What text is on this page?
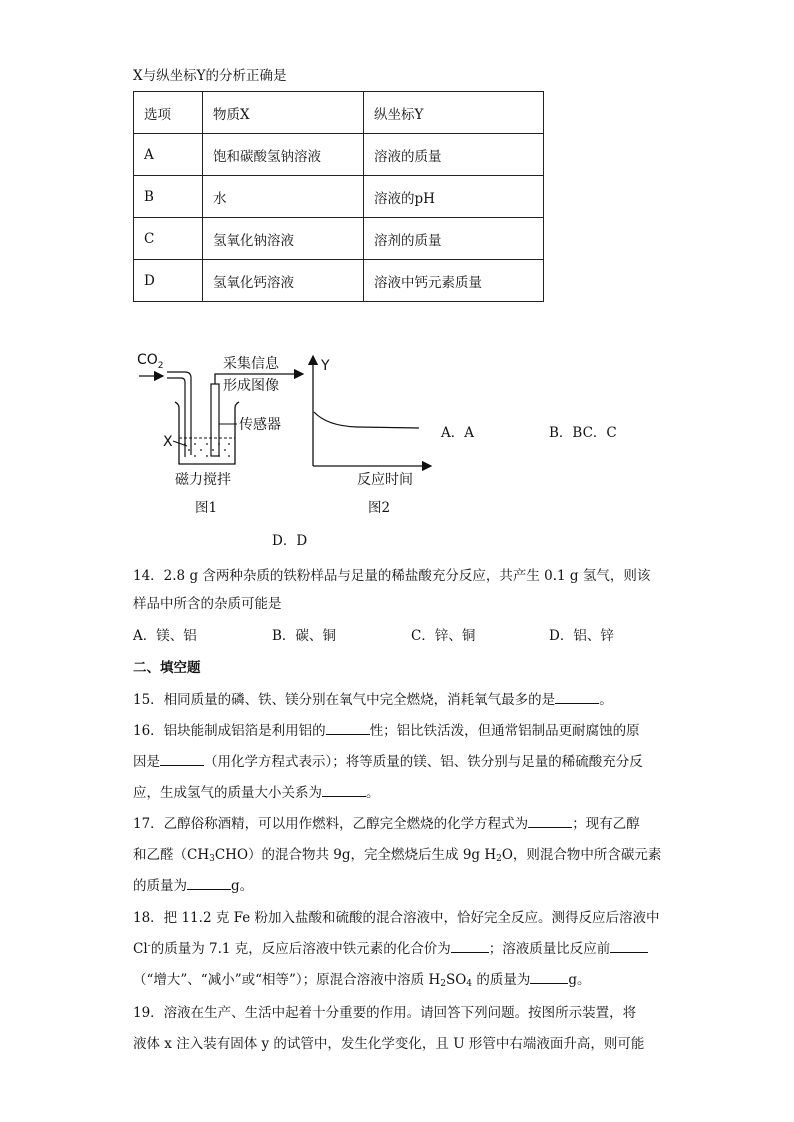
X与纵坐标Y的分析正确是
选项	物质X	纵坐标Y
A	饱和碳酸氢钠溶液	溶液的质量
B	水	溶液的pH
C	氢氧化钠溶液	溶剂的质量
D	氢氧化钙溶液	溶液中钙元素质量
$CO_2$	采集信息
形成图像
传感器
X
磁力搅拌
图1
Y
反应时间
图2
A．A	B．BC．C
D．D
14．2.8 g 含两种杂质的铁粉样品与足量的稀盐酸充分反应，共产生 0.1 g 氢气，则该
样品中所含的杂质可能是
A．镁、铝	B．碳、铜	C．锌、铜	D．铝、锌
二、填空题
15．相同质量的磷、铁、镁分别在氧气中完全燃烧，消耗氧气最多的是	。
16．铝块能制成铝箔是利用铝的	性；铝比铁活泼，但通常铝制品更耐腐蚀的原
因是	（用化学方程式表示）；将等质量的镁、铝、铁分别与足量的稀硫酸充分反
应，生成氢气的质量大小关系为	。
17．乙醇俗称酒精，可以用作燃料，乙醇完全燃烧的化学方程式为	；现有乙醇
和乙醛$(CH_3CHO)$的混合物共 9g，完全燃烧后生成 9g $H_2O$，则混合物中所含碳元素
的质量为	g。
18．把 11.2 克 Fe 粉加入盐酸和硫酸的混合溶液中，恰好完全反应。测得反应后溶液中
Cl-的质量为 7.1 克，反应后溶液中铁元素的化合价为	；溶液质量比反应前
（“增大”、“减小”或“相等”）；原混合溶液中溶质 $H_2SO_4$ 的质量为	g。
19．溶液在生产、生活中起着十分重要的作用。请回答下列问题。按图所示装置，将
液体 x 注入装有固体 y 的试管中，发生化学变化，且 U 形管中右端液面升高，则可能
